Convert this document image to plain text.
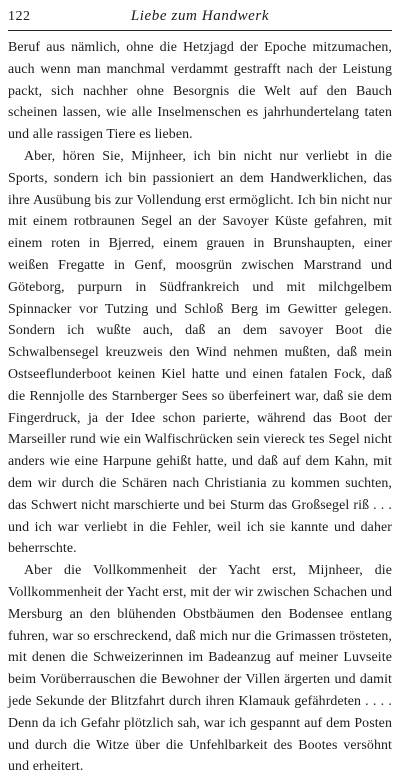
122	Liebe zum Handwerk

Beruf aus nämlich, ohne die Hetzjagd der Epoche mitzumachen, auch wenn man manchmal verdammt gestrafft nach der Leistung packt, sich nachher ohne Besorgnis die Welt auf den Bauch scheinen lassen, wie alle Inselmenschen es jahrhundertelang taten und alle rassigen Tiere es lieben.

Aber, hören Sie, Mijnheer, ich bin nicht nur verliebt in die Sports, sondern ich bin passioniert an dem Handwerklichen, das ihre Ausübung bis zur Vollendung erst ermöglicht. Ich bin nicht nur mit einem rotbraunen Segel an der Savoyer Küste gefahren, mit einem roten in Bjerred, einem grauen in Brunshaupten, einer weißen Fregatte in Genf, moosgrün zwischen Marstrand und Göteborg, purpurn in Südfrankreich und mit milchgelbem Spinnacker vor Tutzing und Schloß Berg im Gewitter gelegen. Sondern ich wußte auch, daß an dem savoyer Boot die Schwalbensegel kreuzweis den Wind nehmen mußten, daß mein Ostseeflunderboot keinen Kiel hatte und einen fatalen Fock, daß die Rennjolle des Starnberger Sees so überfeinert war, daß sie dem Fingerdruck, ja der Idee schon parierte, während das Boot der Marseiller rund wie ein Walfischrücken sein viereck tes Segel nicht anders wie eine Harpune gehißt hatte, und daß auf dem Kahn, mit dem wir durch die Schären nach Christiania zu kommen suchten, das Schwert nicht marschierte und bei Sturm das Großsegel riß . . . und ich war verliebt in die Fehler, weil ich sie kannte und daher beherrschte.

Aber die Vollkommenheit der Yacht erst, Mijnheer, die Vollkommenheit der Yacht erst, mit der wir zwischen Schachen und Mersburg an den blühenden Obstbäumen den Bodensee entlang fuhren, war so erschreckend, daß mich nur die Grimassen trösteten, mit denen die Schweizerinnen im Badeanzug auf meiner Luvseite beim Vorüberrauschen die Bewohner der Villen ärgerten und damit jede Sekunde der Blitzfahrt durch ihren Klamauk gefährdeten . . . . Denn da ich Gefahr plötzlich sah, war ich gespannt auf dem Posten und durch die Witze über die Unfehlbarkeit des Bootes versöhnt und erheitert.
